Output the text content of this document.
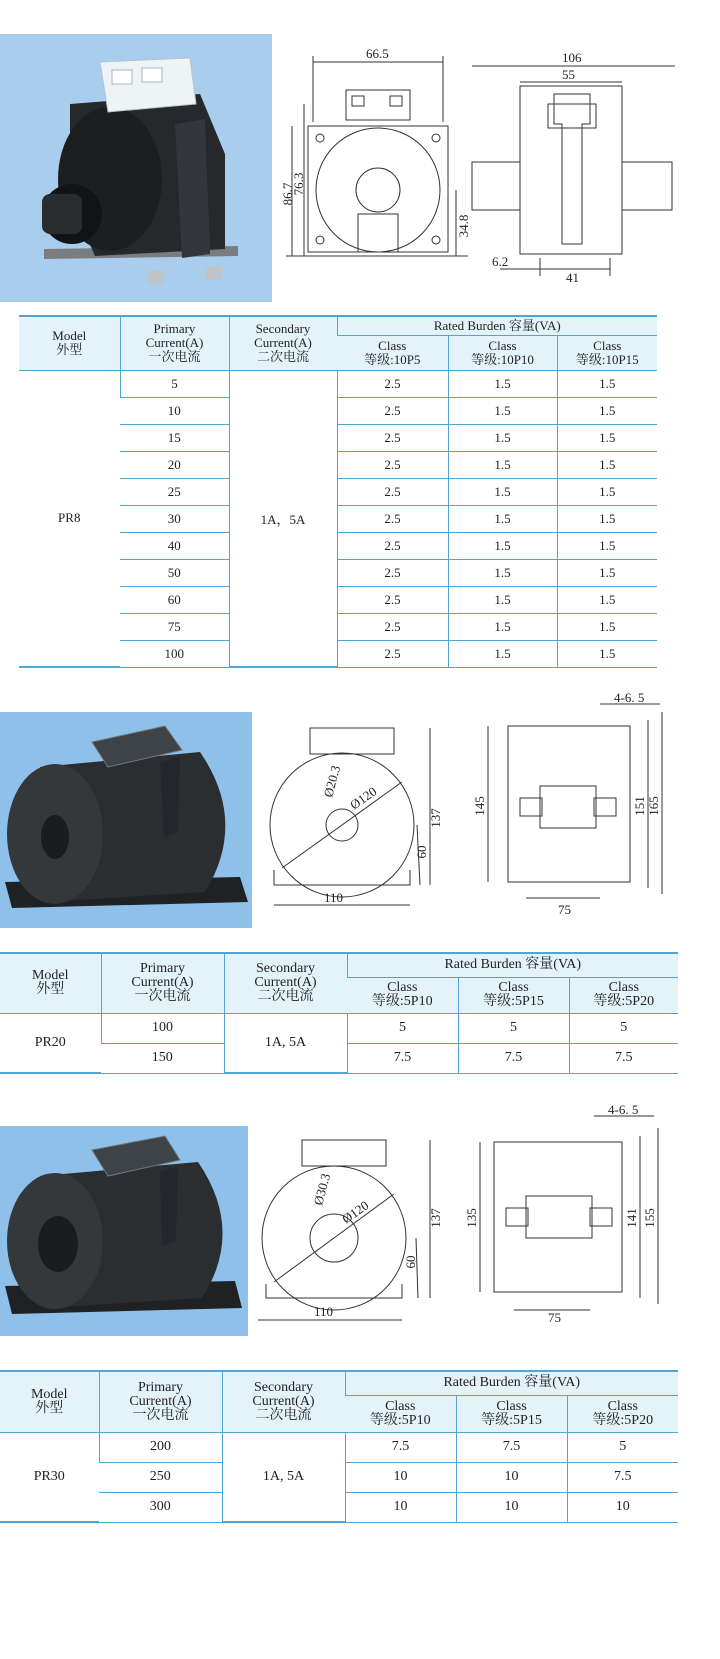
66.5
86.7
76.3
34.8
106
55
6.2
41
Model
外型	Primary
Current(A)
一次电流	Secondary
Current(A)
二次电流	Rated Burden 容量(VA)		

			Class
等级:10P5	Class
等级:10P10	Class
等级:10P15

PR8	5	1A，5A	2.5	1.5	1.5
	10		2.5	1.5	1.5
	15		2.5	1.5	1.5
	20		2.5	1.5	1.5
	25		2.5	1.5	1.5
	30		2.5	1.5	1.5
	40		2.5	1.5	1.5
	50		2.5	1.5	1.5
	60		2.5	1.5	1.5
	75		2.5	1.5	1.5
	100		2.5	1.5	1.5
Ø20.3 Ø120
137
60
110
4-6. 5
145	151 165
75
Model
外型	Primary
Current(A)
一次电流	Secondary
Current(A)
二次电流	Rated Burden 容量(VA)		

			Class
等级:5P10	Class
等级:5P15	Class
等级:5P20

PR20	100	1A, 5A	5	5	5
	150		7.5	7.5	7.5
Ø30.3
Ø120	137
60
110
4-6. 5
135	141 155
75
Model
外型	Primary
Current(A)
一次电流	Secondary
Current(A)
二次电流	Rated Burden 容量(VA)		

			Class
等级:5P10	Class
等级:5P15	Class
等级:5P20

PR30	200	1A, 5A	7.5	7.5	5
	250		10	10	7.5
	300		10	10	10
